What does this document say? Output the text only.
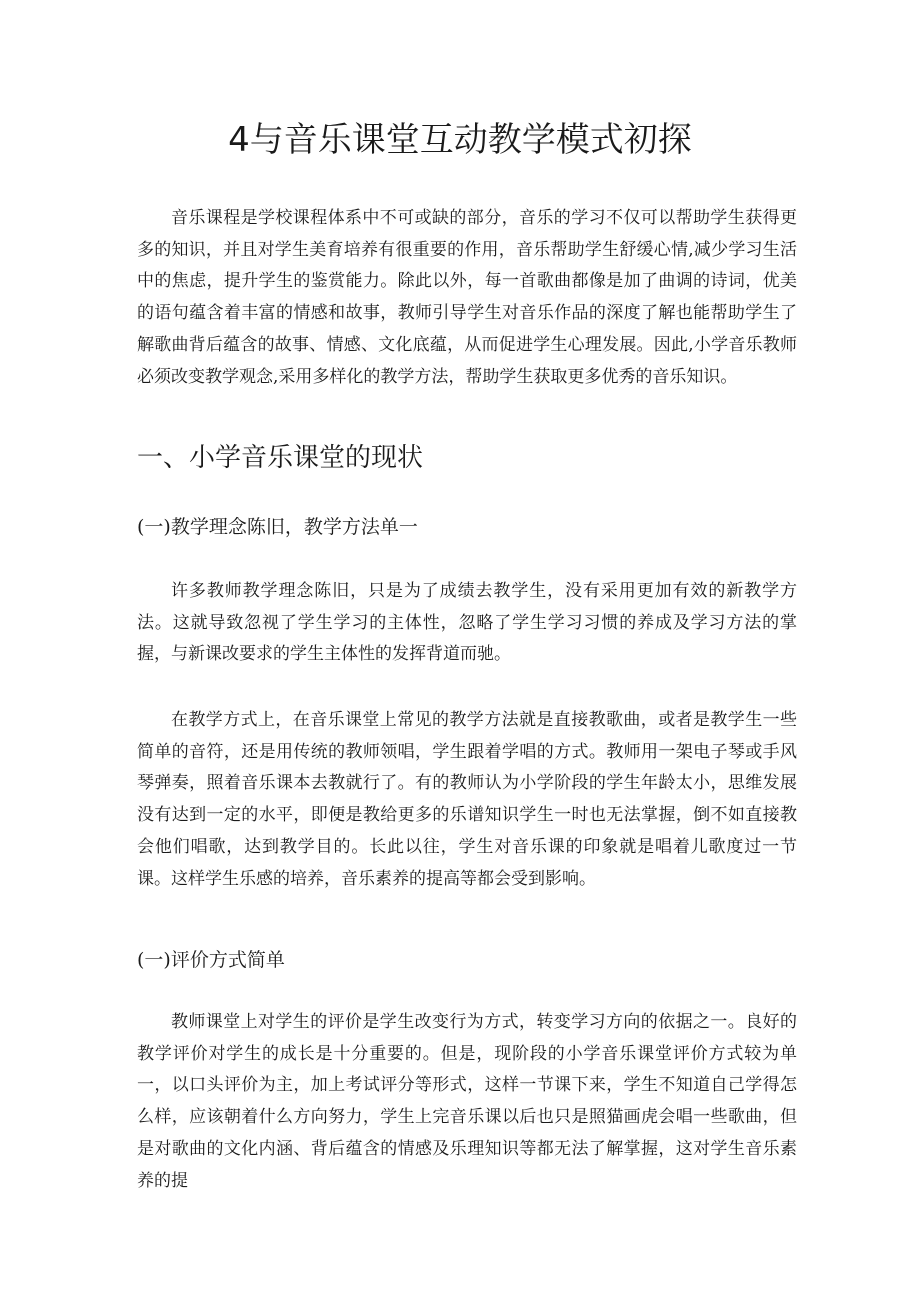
4与音乐课堂互动教学模式初探

音乐课程是学校课程体系中不可或缺的部分，音乐的学习不仅可以帮助学生获得更多的知识，并且对学生美育培养有很重要的作用，音乐帮助学生舒缓心情,减少学习生活中的焦虑，提升学生的鉴赏能力。除此以外，每一首歌曲都像是加了曲调的诗词，优美的语句蕴含着丰富的情感和故事，教师引导学生对音乐作品的深度了解也能帮助学生了解歌曲背后蕴含的故事、情感、文化底蕴，从而促进学生心理发展。因此,小学音乐教师必须改变教学观念,采用多样化的教学方法，帮助学生获取更多优秀的音乐知识。

一、小学音乐课堂的现状
(一)教学理念陈旧，教学方法单一

许多教师教学理念陈旧，只是为了成绩去教学生，没有采用更加有效的新教学方法。这就导致忽视了学生学习的主体性，忽略了学生学习习惯的养成及学习方法的掌握，与新课改要求的学生主体性的发挥背道而驰。

在教学方式上，在音乐课堂上常见的教学方法就是直接教歌曲，或者是教学生一些简单的音符，还是用传统的教师领唱，学生跟着学唱的方式。教师用一架电子琴或手风琴弹奏，照着音乐课本去教就行了。有的教师认为小学阶段的学生年龄太小，思维发展没有达到一定的水平，即便是教给更多的乐谱知识学生一时也无法掌握，倒不如直接教会他们唱歌，达到教学目的。长此以往，学生对音乐课的印象就是唱着儿歌度过一节课。这样学生乐感的培养，音乐素养的提高等都会受到影响。

(一)评价方式简单

教师课堂上对学生的评价是学生改变行为方式，转变学习方向的依据之一。良好的教学评价对学生的成长是十分重要的。但是，现阶段的小学音乐课堂评价方式较为单一，以口头评价为主，加上考试评分等形式，这样一节课下来，学生不知道自己学得怎么样，应该朝着什么方向努力，学生上完音乐课以后也只是照猫画虎会唱一些歌曲，但是对歌曲的文化内涵、背后蕴含的情感及乐理知识等都无法了解掌握，这对学生音乐素养的提
